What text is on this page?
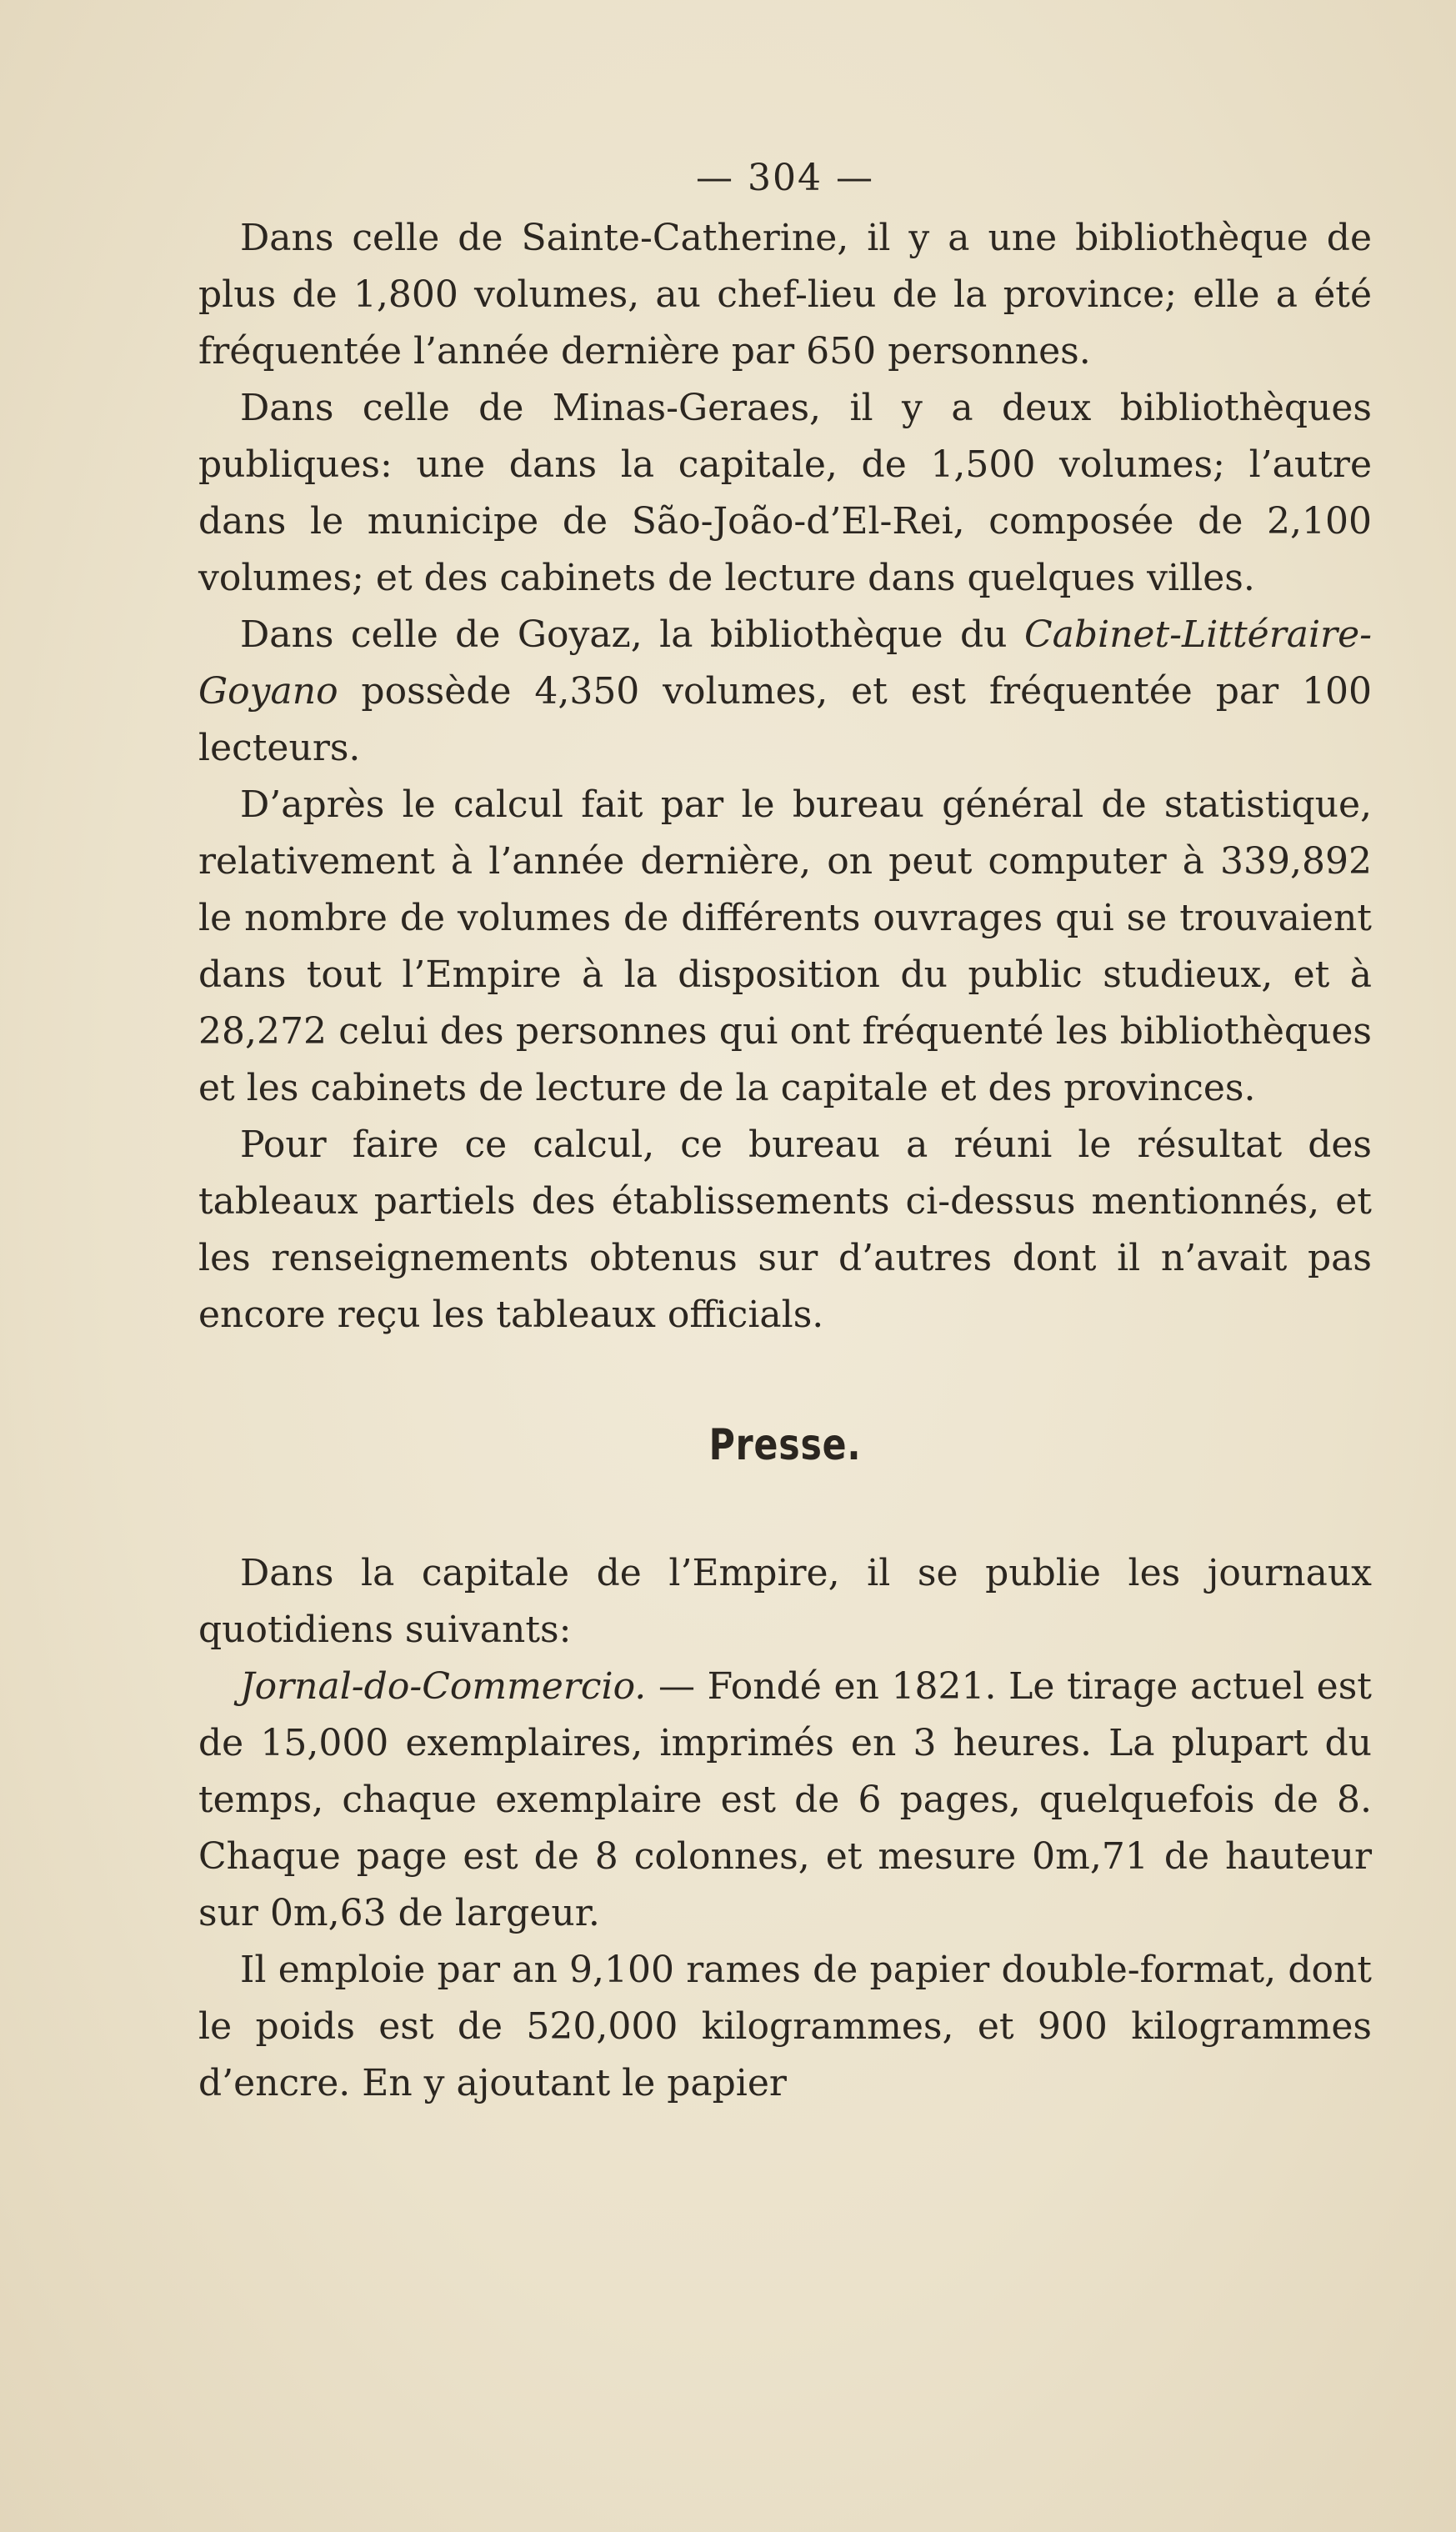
— 304 —

Dans celle de Sainte-Catherine, il y a une bibliothèque de plus de 1,800 volumes, au chef-lieu de la province; elle a été fréquentée l’année dernière par 650 personnes.

Dans celle de Minas-Geraes, il y a deux bibliothèques publiques: une dans la capitale, de 1,500 volumes; l’autre dans le municipe de São-João-d’El-Rei, composée de 2,100 volumes; et des cabinets de lecture dans quelques villes.

Dans celle de Goyaz, la bibliothèque du Cabinet-Littéraire-Goyano possède 4,350 volumes, et est fréquentée par 100 lecteurs.

D’après le calcul fait par le bureau général de statistique, relativement à l’année dernière, on peut computer à 339,892 le nombre de volumes de différents ouvrages qui se trouvaient dans tout l’Empire à la disposition du public studieux, et à 28,272 celui des personnes qui ont fréquenté les bibliothèques et les cabinets de lecture de la capitale et des provinces.

Pour faire ce calcul, ce bureau a réuni le résultat des tableaux partiels des établissements ci-dessus mentionnés, et les renseignements obtenus sur d’autres dont il n’avait pas encore reçu les tableaux officials.

Presse.

Dans la capitale de l’Empire, il se publie les journaux quotidiens suivants:

Jornal-do-Commercio. — Fondé en 1821. Le tirage actuel est de 15,000 exemplaires, imprimés en 3 heures. La plupart du temps, chaque exemplaire est de 6 pages, quelquefois de 8. Chaque page est de 8 colonnes, et mesure 0m,71 de hauteur sur 0m,63 de largeur.

Il emploie par an 9,100 rames de papier double-format, dont le poids est de 520,000 kilogrammes, et 900 kilogrammes d’encre. En y ajoutant le papier
